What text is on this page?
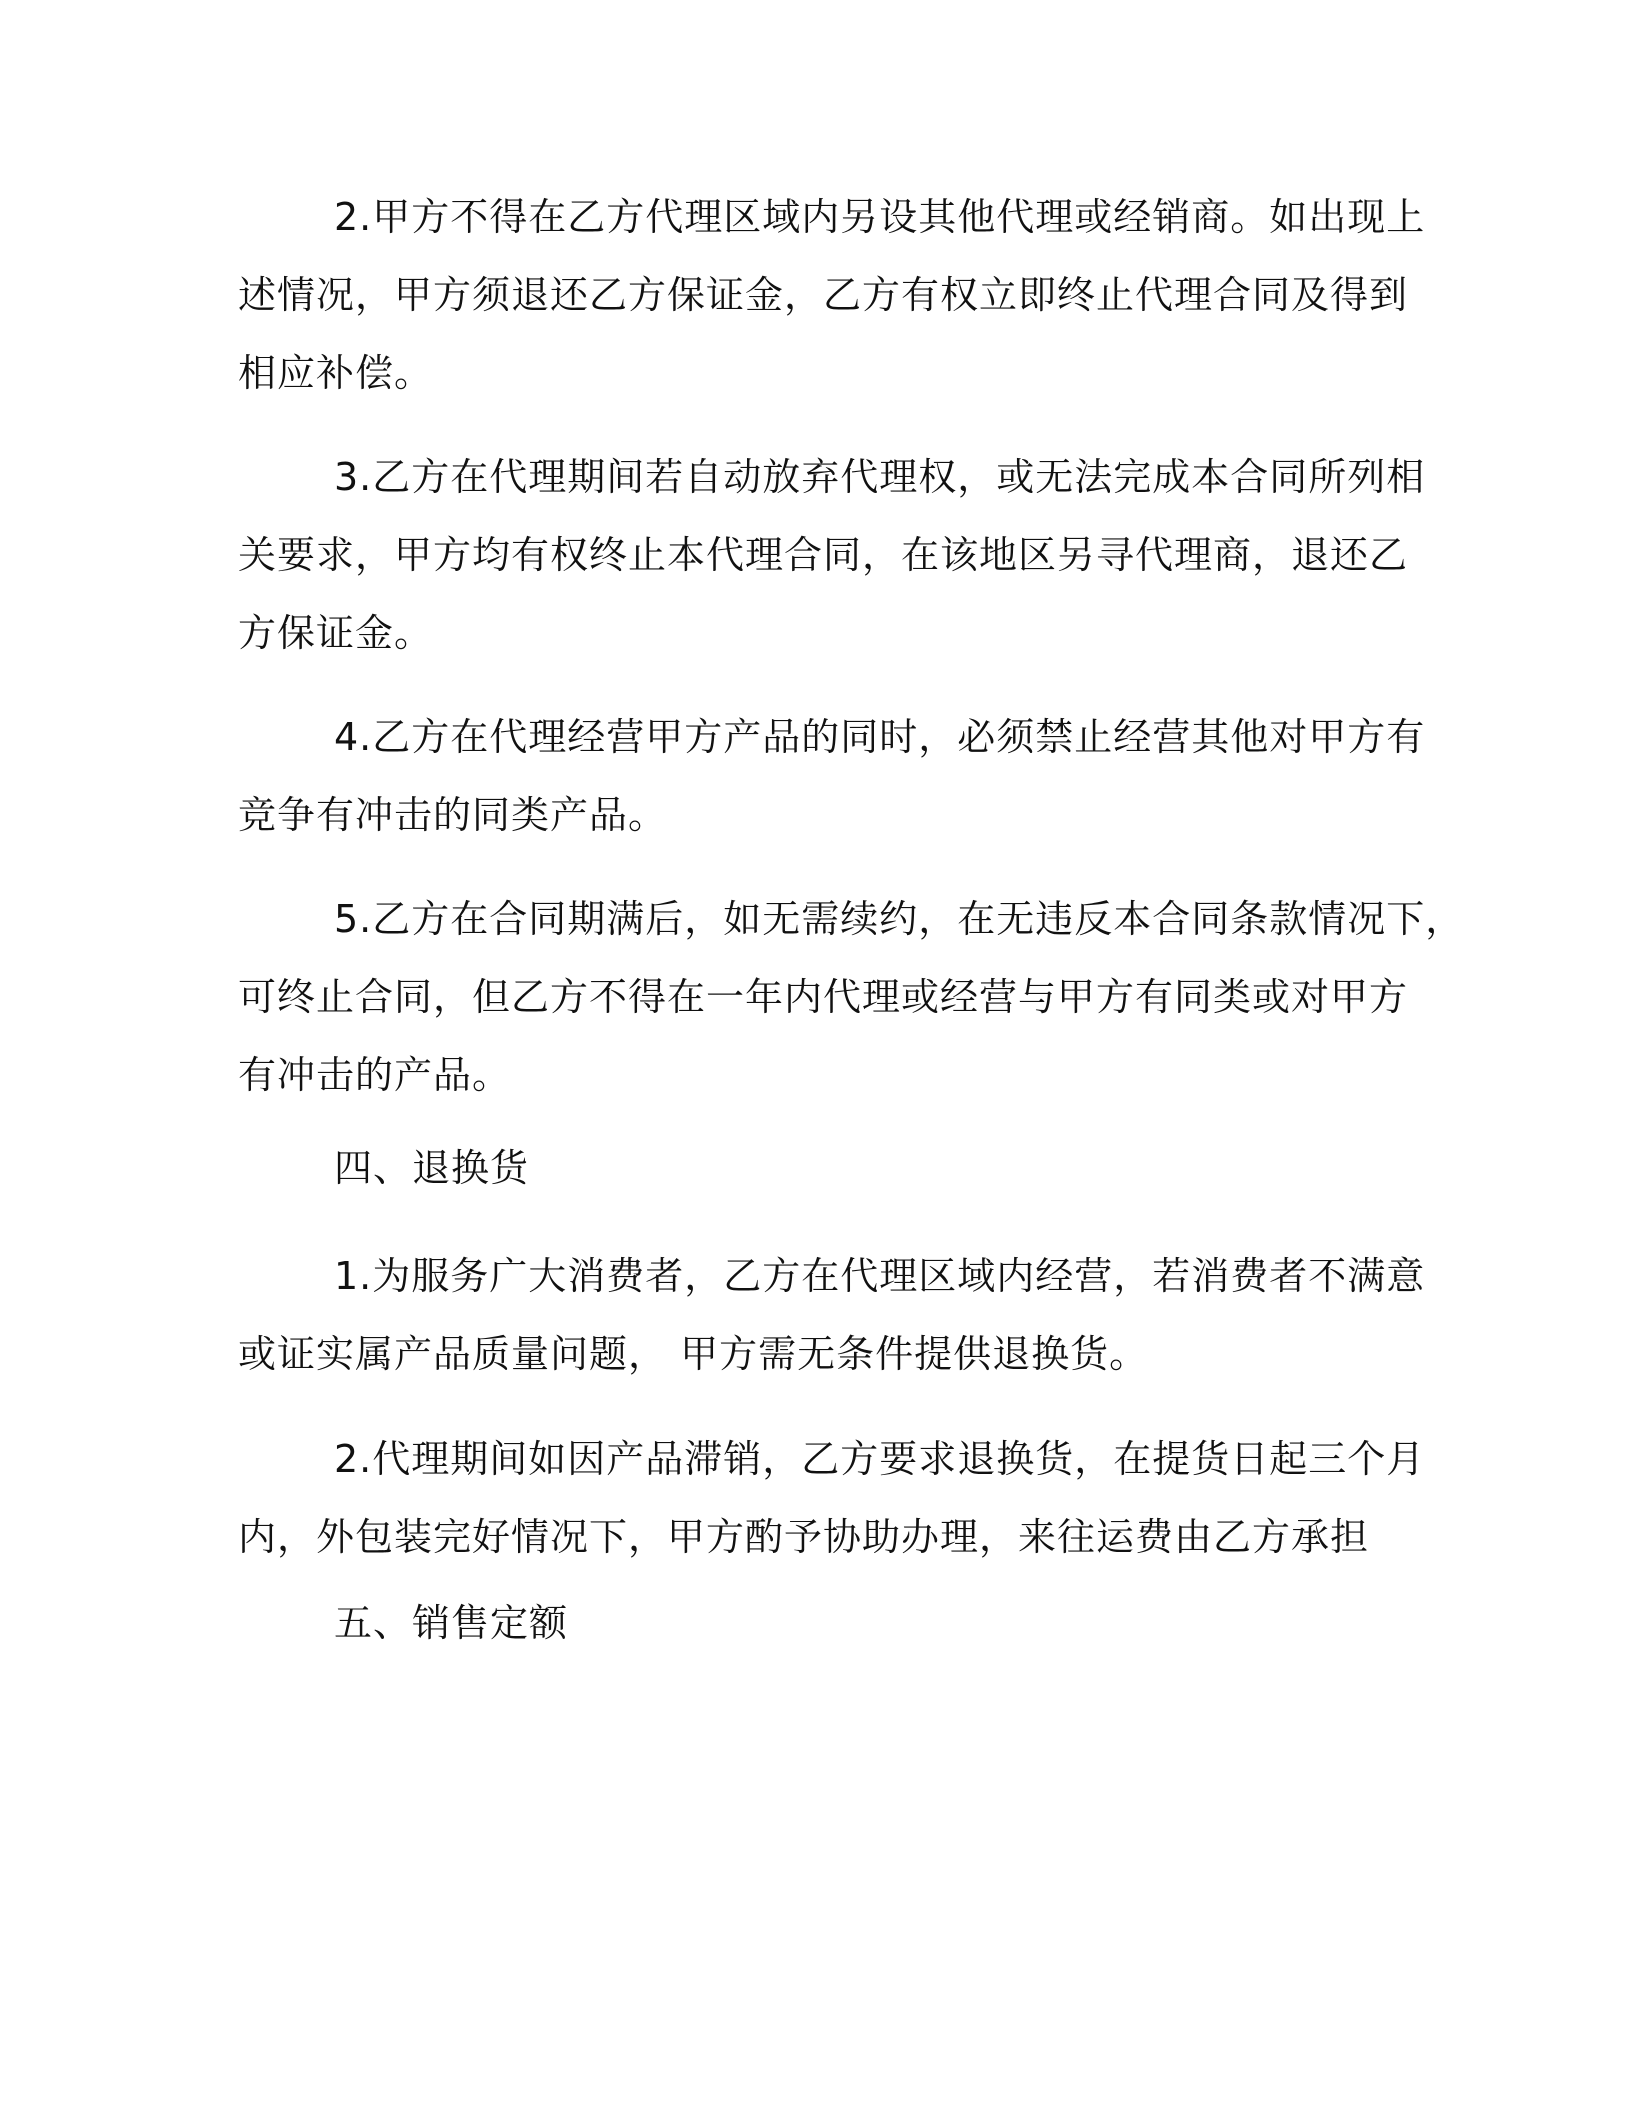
2.甲方不得在乙方代理区域内另设其他代理或经销商。如出现上
述情况，甲方须退还乙方保证金，乙方有权立即终止代理合同及得到
相应补偿。
3.乙方在代理期间若自动放弃代理权，或无法完成本合同所列相
关要求，甲方均有权终止本代理合同，在该地区另寻代理商，退还乙
方保证金。
4.乙方在代理经营甲方产品的同时，必须禁止经营其他对甲方有
竞争有冲击的同类产品。
5.乙方在合同期满后，如无需续约，在无违反本合同条款情况下，
可终止合同，但乙方不得在一年内代理或经营与甲方有同类或对甲方
有冲击的产品。
四、退换货
1.为服务广大消费者，乙方在代理区域内经营，若消费者不满意
或证实属产品质量问题， 甲方需无条件提供退换货。
2.代理期间如因产品滞销，乙方要求退换货，在提货日起三个月
内，外包装完好情况下，甲方酌予协助办理，来往运费由乙方承担
五、销售定额
